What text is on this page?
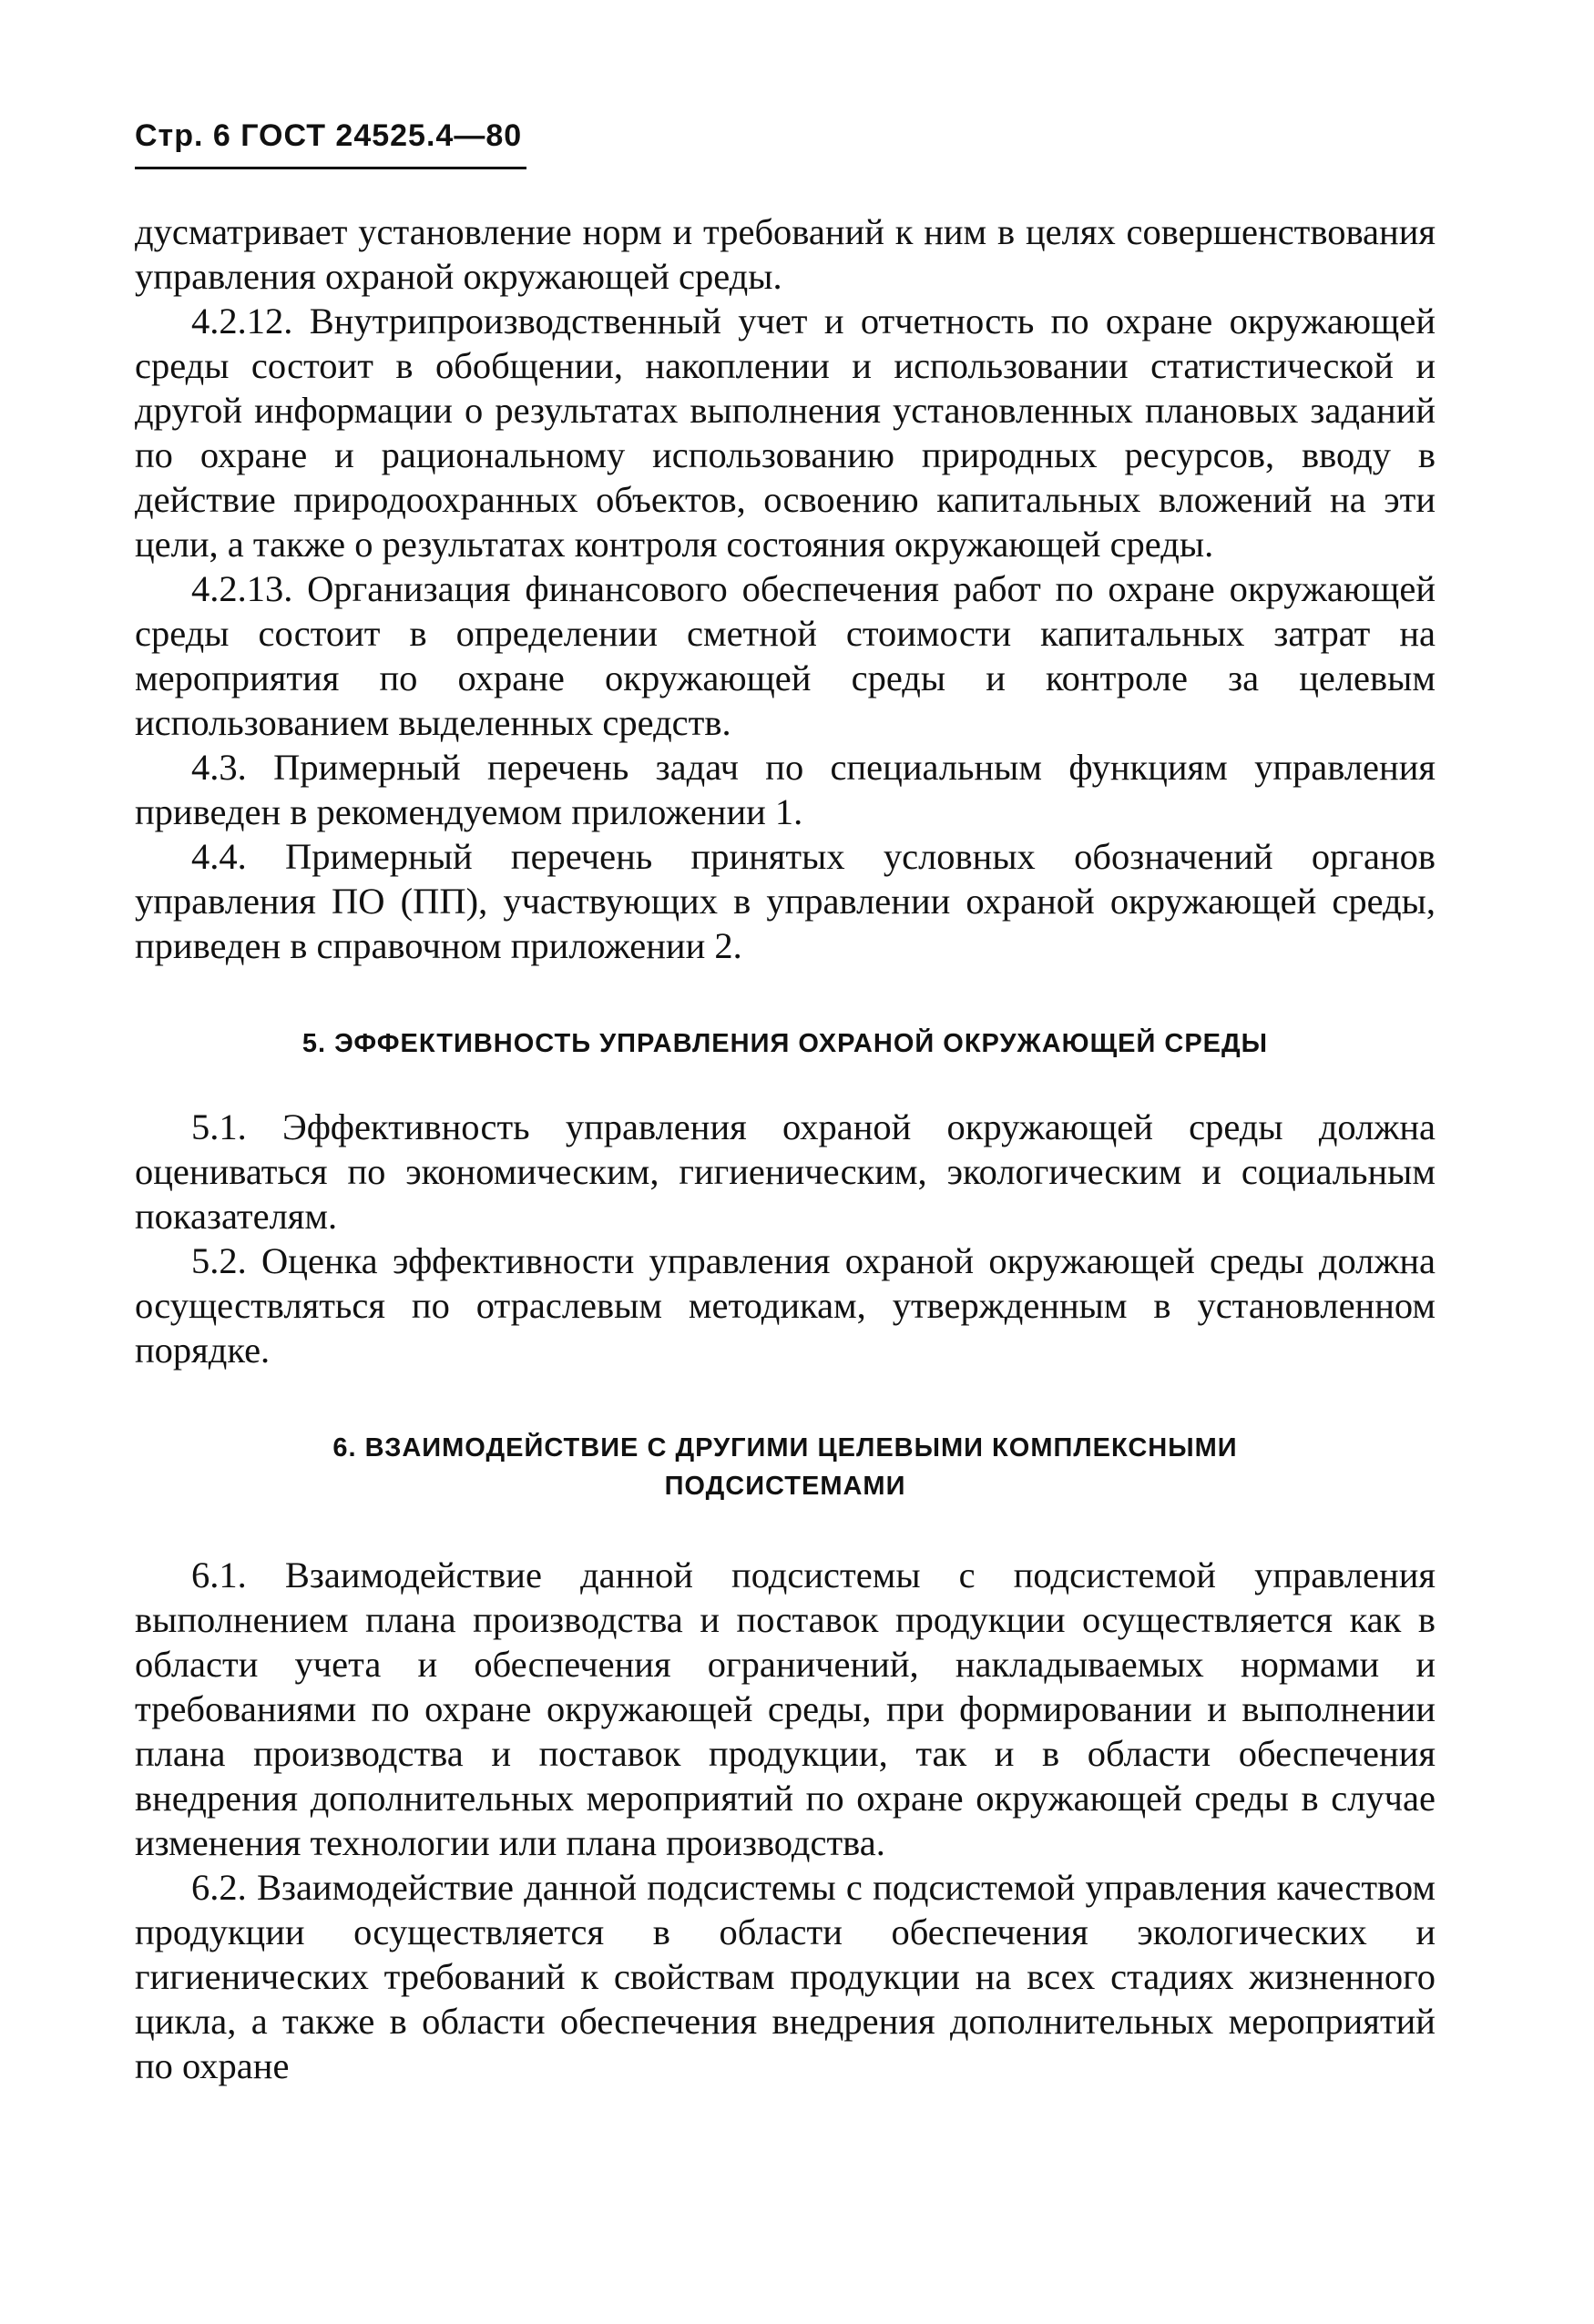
Стр. 6 ГОСТ 24525.4—80

дусматривает установление норм и требований к ним в целях совершенствования управления охраной окружающей среды.

4.2.12. Внутрипроизводственный учет и отчетность по охране окружающей среды состоит в обобщении, накоплении и использовании статистической и другой информации о результатах выполнения установленных плановых заданий по охране и рациональному использованию природных ресурсов, вводу в действие природоохранных объектов, освоению капитальных вложений на эти цели, а также о результатах контроля состояния окружающей среды.

4.2.13. Организация финансового обеспечения работ по охране окружающей среды состоит в определении сметной стоимости капитальных затрат на мероприятия по охране окружающей среды и контроле за целевым использованием выделенных средств.

4.3. Примерный перечень задач по специальным функциям управления приведен в рекомендуемом приложении 1.

4.4. Примерный перечень принятых условных обозначений органов управления ПО (ПП), участвующих в управлении охраной окружающей среды, приведен в справочном приложении 2.

5. ЭФФЕКТИВНОСТЬ УПРАВЛЕНИЯ ОХРАНОЙ ОКРУЖАЮЩЕЙ СРЕДЫ

5.1. Эффективность управления охраной окружающей среды должна оцениваться по экономическим, гигиеническим, экологическим и социальным показателям.

5.2. Оценка эффективности управления охраной окружающей среды должна осуществляться по отраслевым методикам, утвержденным в установленном порядке.

6. ВЗАИМОДЕЙСТВИЕ С ДРУГИМИ ЦЕЛЕВЫМИ КОМПЛЕКСНЫМИ
ПОДСИСТЕМАМИ

6.1. Взаимодействие данной подсистемы с подсистемой управления выполнением плана производства и поставок продукции осуществляется как в области учета и обеспечения ограничений, накладываемых нормами и требованиями по охране окружающей среды, при формировании и выполнении плана производства и поставок продукции, так и в области обеспечения внедрения дополнительных мероприятий по охране окружающей среды в случае изменения технологии или плана производства.

6.2. Взаимодействие данной подсистемы с подсистемой управления качеством продукции осуществляется в области обеспечения экологических и гигиенических требований к свойствам продукции на всех стадиях жизненного цикла, а также в области обеспечения внедрения дополнительных мероприятий по охране
